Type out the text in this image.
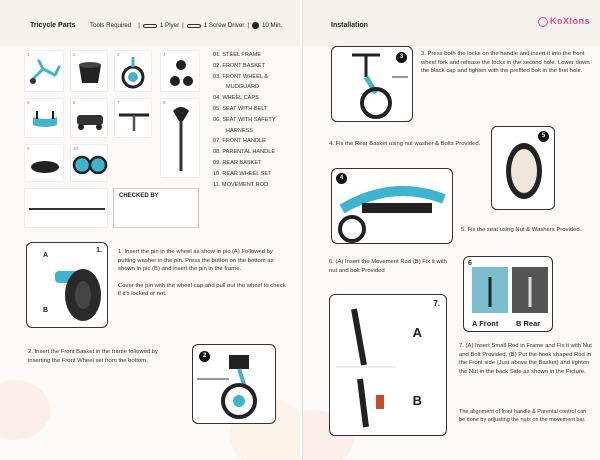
Tricycle Parts Tools Required |	1 Plyer |	1 Screw Driver | 10 Min.
1	2	3	4
5	6	7	8
9	10
01. STEEL FRAME
02. FRONT BASKET
03. FRONT WHEEL &
MUDGUARD
04. WHEEL CAPS
05. SEAT WITH BELT
06. SEAT WITH SAFETY
HARNESS
07. FRONT HANDLE
08. PARENTAL HANDLE
09. REAR BASKET
10. REAR WHEEL SET
11. MOVEMENT ROD
CHECKED BY
1.
A
B
1. Insert the pin in the wheel as show in pic (A) Followed by putting washer in the pin. Press the button on the bottom as shown in pic (B) and insert the pin in the frame.
Cover the pin with the wheel cap and pull out the wheel to check if it's locked or not.
2. Insert the Front Basket in the frame followed by inserting the Front Wheel set from the bottom.
2
Installation	KoXlons
3	3. Press both the locks on the handle and insert it into the front wheel fork and release the locks in the second hole. Lower down the black cap and tighten with the prefited bolt in the first hole.
4. Fix the Rear Basket using nut washer & Bolts Provided.
4
5
5. Fix the seat using Nut & Washers Provided.
6. (A) Insert the Movement Rod (B) Fix it with nut and bolt Provided
6
A Front B Rear
7.
A
B
7. (A) Insert Small Rod in Frame and Fix it with Nut and Bolt Provided. (B) Put the hook shaped Rod in the Front side (Just above the Basket) and tighten the Nut in the back Side as shown in the Picture.
The alignment of front handle & Parental control can be done by adjusting the nuts on the movement bar.
